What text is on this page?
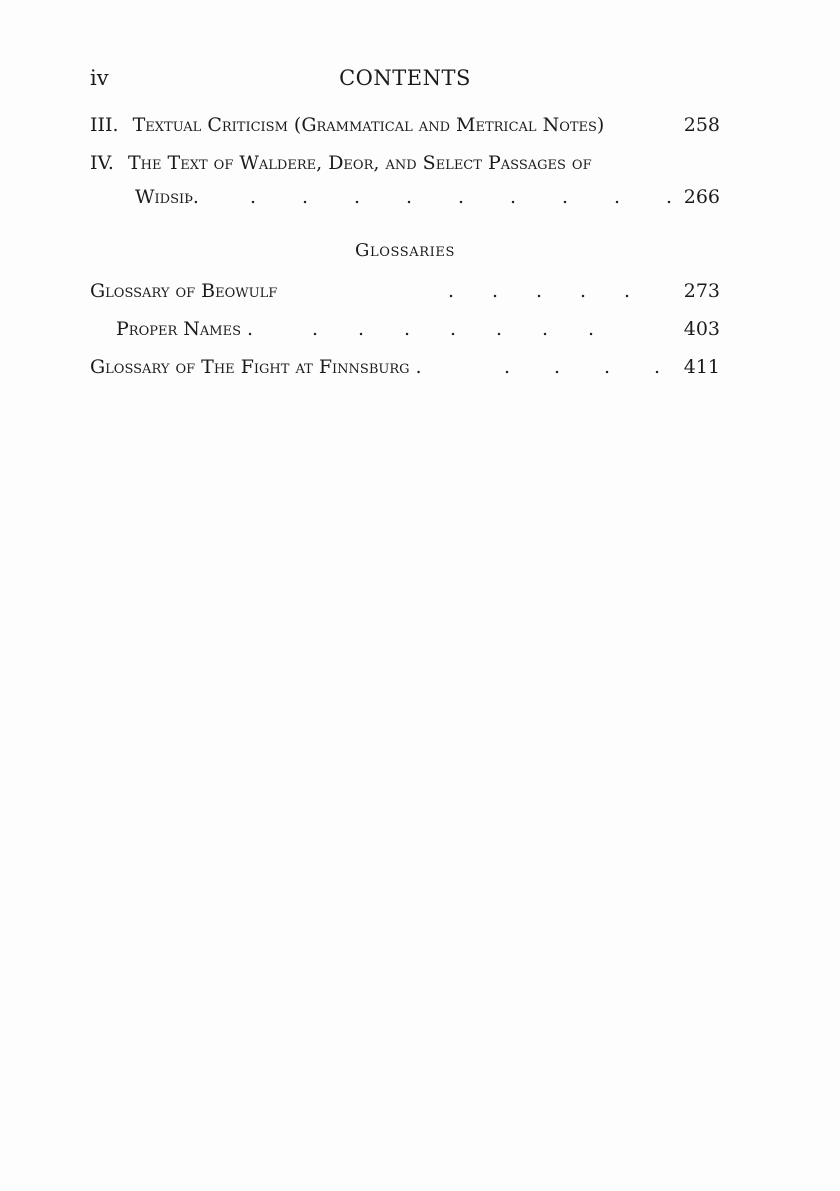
iv	CONTENTS
III. Textual Criticism (Grammatical and Metrical Notes)	258
IV. The Text of Waldere, Deor, and Select Passages of
Widsiþ.	. . . . . . . . . 266
Glossaries
Glossary of Beowulf	. . . . .	273
Proper Names .	. . . . . . .	403
Glossary of The Fight at Finnsburg .	. . . . 411
